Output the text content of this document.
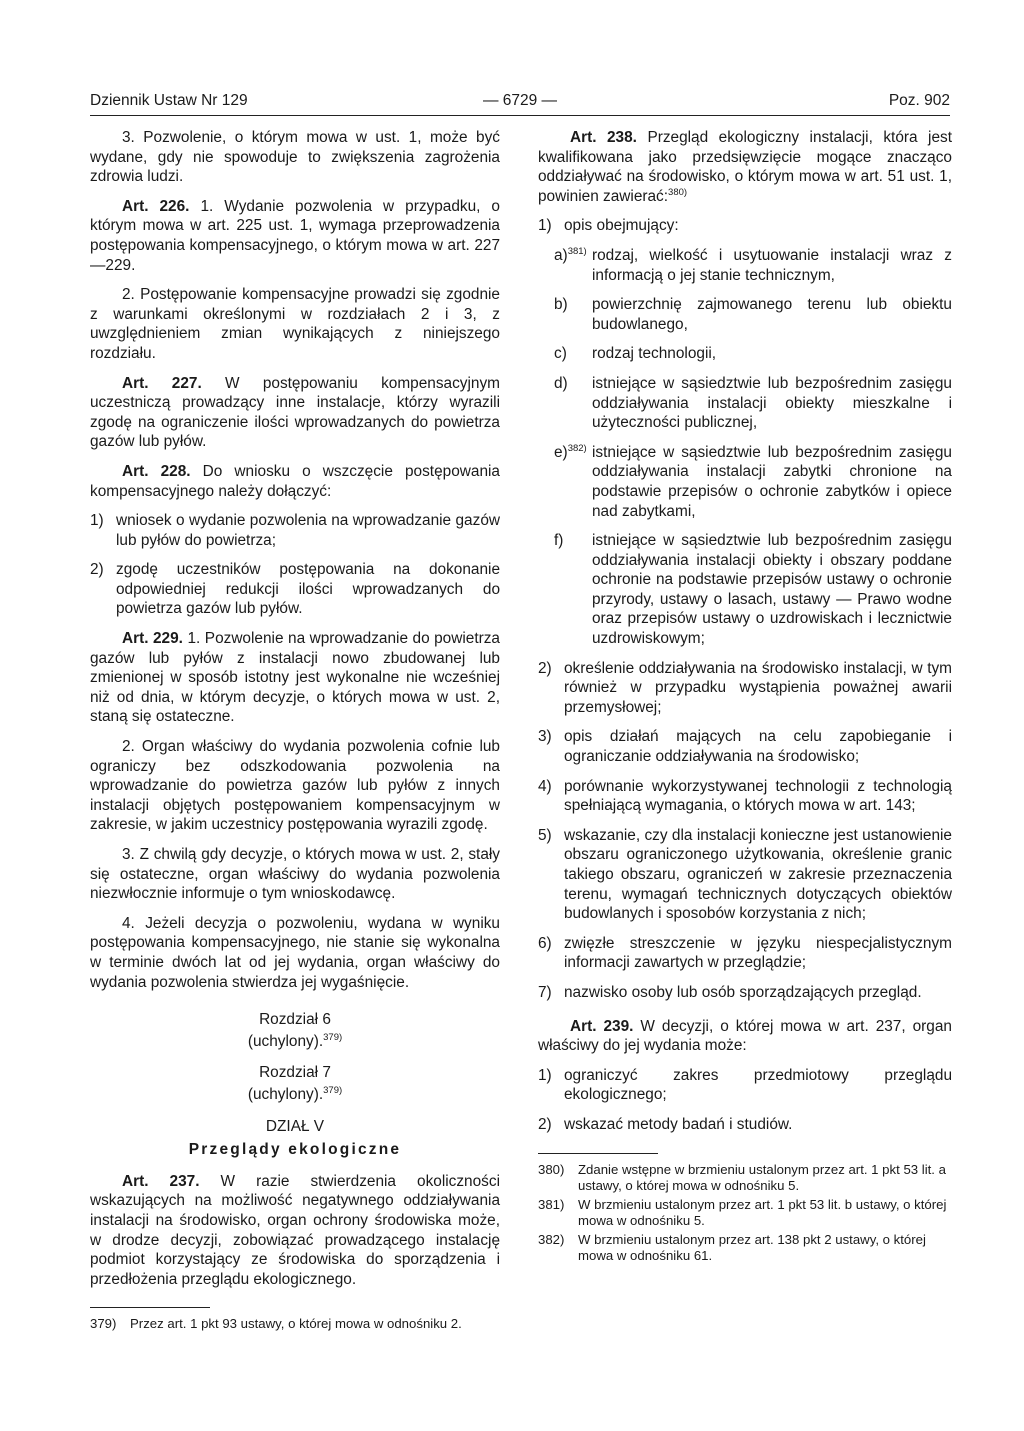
Dziennik Ustaw Nr 129	— 6729 —	Poz. 902

3. Pozwolenie, o którym mowa w ust. 1, może być wydane, gdy nie spowoduje to zwiększenia zagrożenia zdrowia ludzi.

Art. 226. 1. Wydanie pozwolenia w przypadku, o którym mowa w art. 225 ust. 1, wymaga przeprowadzenia postępowania kompensacyjnego, o którym mowa w art. 227—229.

2. Postępowanie kompensacyjne prowadzi się zgodnie z warunkami określonymi w rozdziałach 2 i 3, z uwzględnieniem zmian wynikających z niniejszego rozdziału.

Art. 227. W postępowaniu kompensacyjnym uczestniczą prowadzący inne instalacje, którzy wyrazili zgodę na ograniczenie ilości wprowadzanych do powietrza gazów lub pyłów.

Art. 228. Do wniosku o wszczęcie postępowania kompensacyjnego należy dołączyć:

1) wniosek o wydanie pozwolenia na wprowadzanie gazów lub pyłów do powietrza;
2) zgodę uczestników postępowania na dokonanie odpowiedniej redukcji ilości wprowadzanych do powietrza gazów lub pyłów.

Art. 229. 1. Pozwolenie na wprowadzanie do powietrza gazów lub pyłów z instalacji nowo zbudowanej lub zmienionej w sposób istotny jest wykonalne nie wcześniej niż od dnia, w którym decyzje, o których mowa w ust. 2, staną się ostateczne.

2. Organ właściwy do wydania pozwolenia cofnie lub ograniczy bez odszkodowania pozwolenia na wprowadzanie do powietrza gazów lub pyłów z innych instalacji objętych postępowaniem kompensacyjnym w zakresie, w jakim uczestnicy postępowania wyrazili zgodę.

3. Z chwilą gdy decyzje, o których mowa w ust. 2, stały się ostateczne, organ właściwy do wydania pozwolenia niezwłocznie informuje o tym wnioskodawcę.

4. Jeżeli decyzja o pozwoleniu, wydana w wyniku postępowania kompensacyjnego, nie stanie się wykonalna w terminie dwóch lat od jej wydania, organ właściwy do wydania pozwolenia stwierdza jej wygaśnięcie.

Rozdział 6
(uchylony).$^{379)}$
Rozdział 7
(uchylony).$^{379)}$
DZIAŁ V
Przeglądy ekologiczne

Art. 237. W razie stwierdzenia okoliczności wskazujących na możliwość negatywnego oddziaływania instalacji na środowisko, organ ochrony środowiska może, w drodze decyzji, zobowiązać prowadzącego instalację podmiot korzystający ze środowiska do sporządzenia i przedłożenia przeglądu ekologicznego.

379)	Przez art. 1 pkt 93 ustawy, o której mowa w odnośniku 2.

Art. 238. Przegląd ekologiczny instalacji, która jest kwalifikowana jako przedsięwzięcie mogące znacząco oddziaływać na środowisko, o którym mowa w art. 51 ust. 1, powinien zawierać:$^{380)}$

1) opis obejmujący:
a)$^{381)}$ rodzaj, wielkość i usytuowanie instalacji wraz z informacją o jej stanie technicznym,
b)	powierzchnię zajmowanego terenu lub obiektu budowlanego,
c)	rodzaj technologii,
d)	istniejące w sąsiedztwie lub bezpośrednim zasięgu oddziaływania instalacji obiekty mieszkalne i użyteczności publicznej,
e)$^{382)}$ istniejące w sąsiedztwie lub bezpośrednim zasięgu oddziaływania instalacji zabytki chronione na podstawie przepisów o ochronie zabytków i opiece nad zabytkami,
f)	istniejące w sąsiedztwie lub bezpośrednim zasięgu oddziaływania instalacji obiekty i obszary poddane ochronie na podstawie przepisów ustawy o ochronie przyrody, ustawy o lasach, ustawy — Prawo wodne oraz przepisów ustawy o uzdrowiskach i lecznictwie uzdrowiskowym;
2) określenie oddziaływania na środowisko instalacji, w tym również w przypadku wystąpienia poważnej awarii przemysłowej;
3) opis działań mających na celu zapobieganie i ograniczanie oddziaływania na środowisko;
4) porównanie wykorzystywanej technologii z technologią spełniającą wymagania, o których mowa w art. 143;
5) wskazanie, czy dla instalacji konieczne jest ustanowienie obszaru ograniczonego użytkowania, określenie granic takiego obszaru, ograniczeń w zakresie przeznaczenia terenu, wymagań technicznych dotyczących obiektów budowlanych i sposobów korzystania z nich;
6) zwięzłe streszczenie w języku niespecjalistycznym informacji zawartych w przeglądzie;
7) nazwisko osoby lub osób sporządzających przegląd.

Art. 239. W decyzji, o której mowa w art. 237, organ właściwy do jej wydania może:

1) ograniczyć zakres przedmiotowy przeglądu ekologicznego;
2) wskazać metody badań i studiów.
380)	Zdanie wstępne w brzmieniu ustalonym przez art. 1 pkt 53 lit. a ustawy, o której mowa w odnośniku 5.
381)	W brzmieniu ustalonym przez art. 1 pkt 53 lit. b ustawy, o której mowa w odnośniku 5.
382)	W brzmieniu ustalonym przez art. 138 pkt 2 ustawy, o której mowa w odnośniku 61.
